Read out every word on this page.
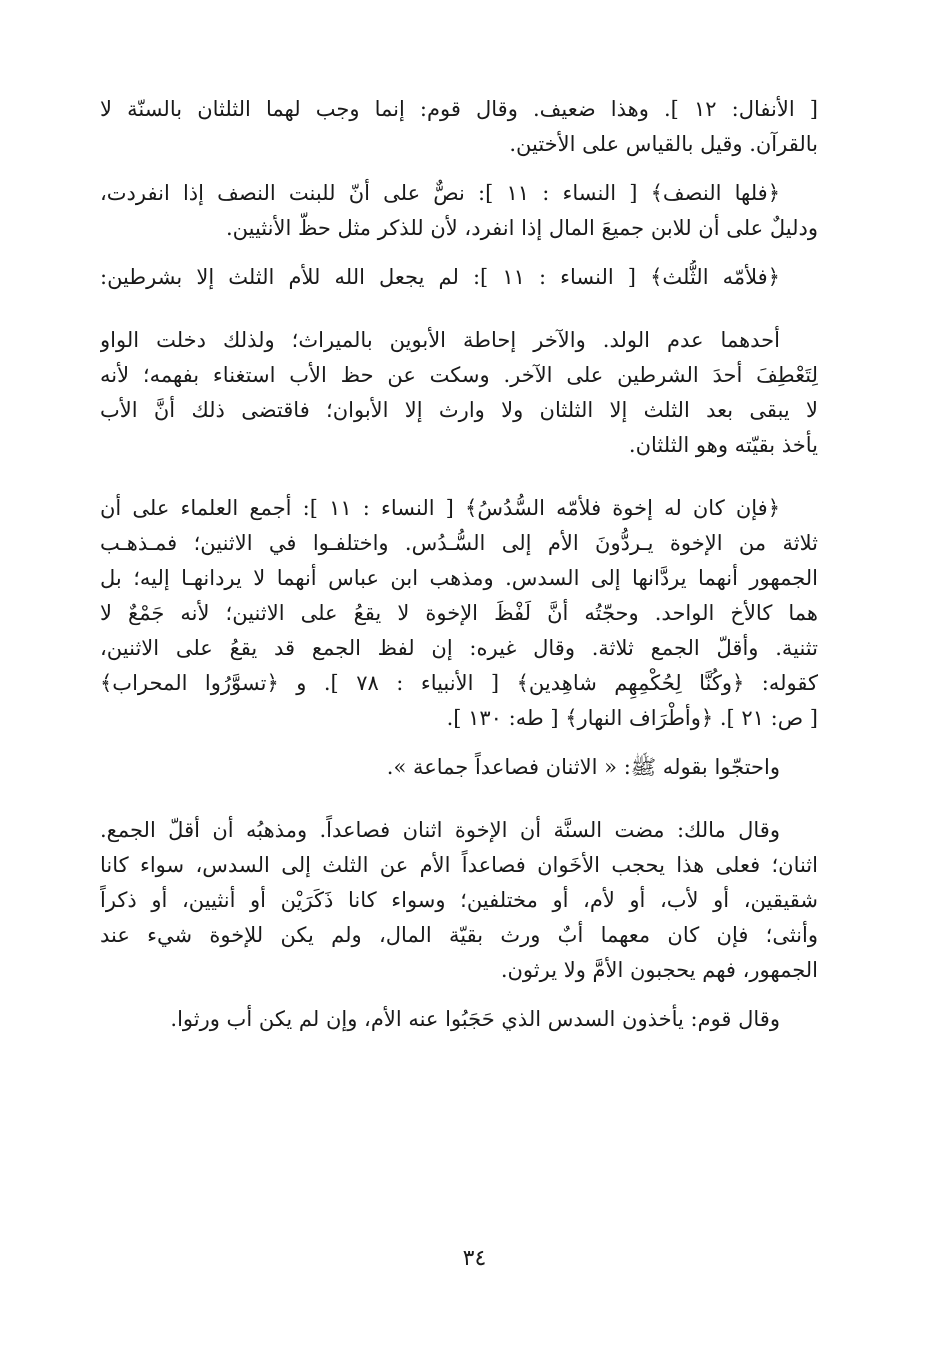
[ الأنفال: ١٢ ]. وهذا ضعيف. وقال قوم: إنما وجب لهما الثلثان بالسنّة لا
بالقرآن. وقيل بالقياس على الأختين.
﴿فلها النصف﴾ [ النساء : ١١ ]: نصٌّ على أنّ للبنت النصف إذا انفردت،
ودليلٌ على أن للابن جميعَ المال إذا انفرد، لأن للذكر مثل حظّ الأنثيين.
﴿فلأمّه الثُّلث﴾ [ النساء : ١١ ]: لم يجعل الله للأم الثلث إلا بشرطين:
أحدهما عدم الولد. والآخر إحاطة الأبوين بالميراث؛ ولذلك دخلت الواو
لِتَعْطِفَ أحدَ الشرطين على الآخر. وسكت عن حظ الأب استغناء بفهمه؛ لأنه
لا يبقى بعد الثلث إلا الثلثان ولا وارث إلا الأبوان؛ فاقتضى ذلك أنَّ الأب
يأخذ بقيّته وهو الثلثان.
﴿فإن كان له إخوة فلأمّه السُّدُسُ﴾ [ النساء : ١١ ]: أجمع العلماء على أن
ثلاثة من الإخوة يـردُّونَ الأم إلى السُّـدُس. واختلفـوا في الاثنين؛ فمـذهـب
الجمهور أنهما يردَّانها إلى السدس. ومذهب ابن عباس أنهما لا يردانهـا إليه؛ بل
هما كالأخ الواحد. وحجّتُه أنَّ لَفْظَ الإخوة لا يقعُ على الاثنين؛ لأنه جَمْعٌ لا
تثنية. وأقلّ الجمع ثلاثة. وقال غيره: إن لفظ الجمع قد يقعُ على الاثنين،
كقوله: ﴿وكُنَّا لِحُكْمِهِم شاهِدين﴾ [ الأنبياء : ٧٨ ]. و ﴿تسوَّرُوا المحراب﴾
[ ص: ٢١ ]. ﴿وأطْرَاف النهار﴾ [ طه: ١٣٠ ].
واحتجّوا بقوله ﷺ: « الاثنان فصاعداً جماعة ».
وقال مالك: مضت السنَّة أن الإخوة اثنان فصاعداً. ومذهبُه أن أقلّ الجمع.
اثنان؛ فعلى هذا يحجب الأخَوان فصاعداً الأم عن الثلث إلى السدس، سواء كانا
شقيقين، أو لأب، أو لأم، أو مختلفين؛ وسواء كانا ذَكَرَيْن أو أنثيين، أو ذكراً
وأنثى؛ فإن كان معهما أبٌ ورث بقيّة المال، ولم يكن للإخوة شيء عند
الجمهور، فهم يحجبون الأمَّ ولا يرثون.
وقال قوم: يأخذون السدس الذي حَجَبُوا عنه الأم، وإن لم يكن أب ورثوا.
٣٤
